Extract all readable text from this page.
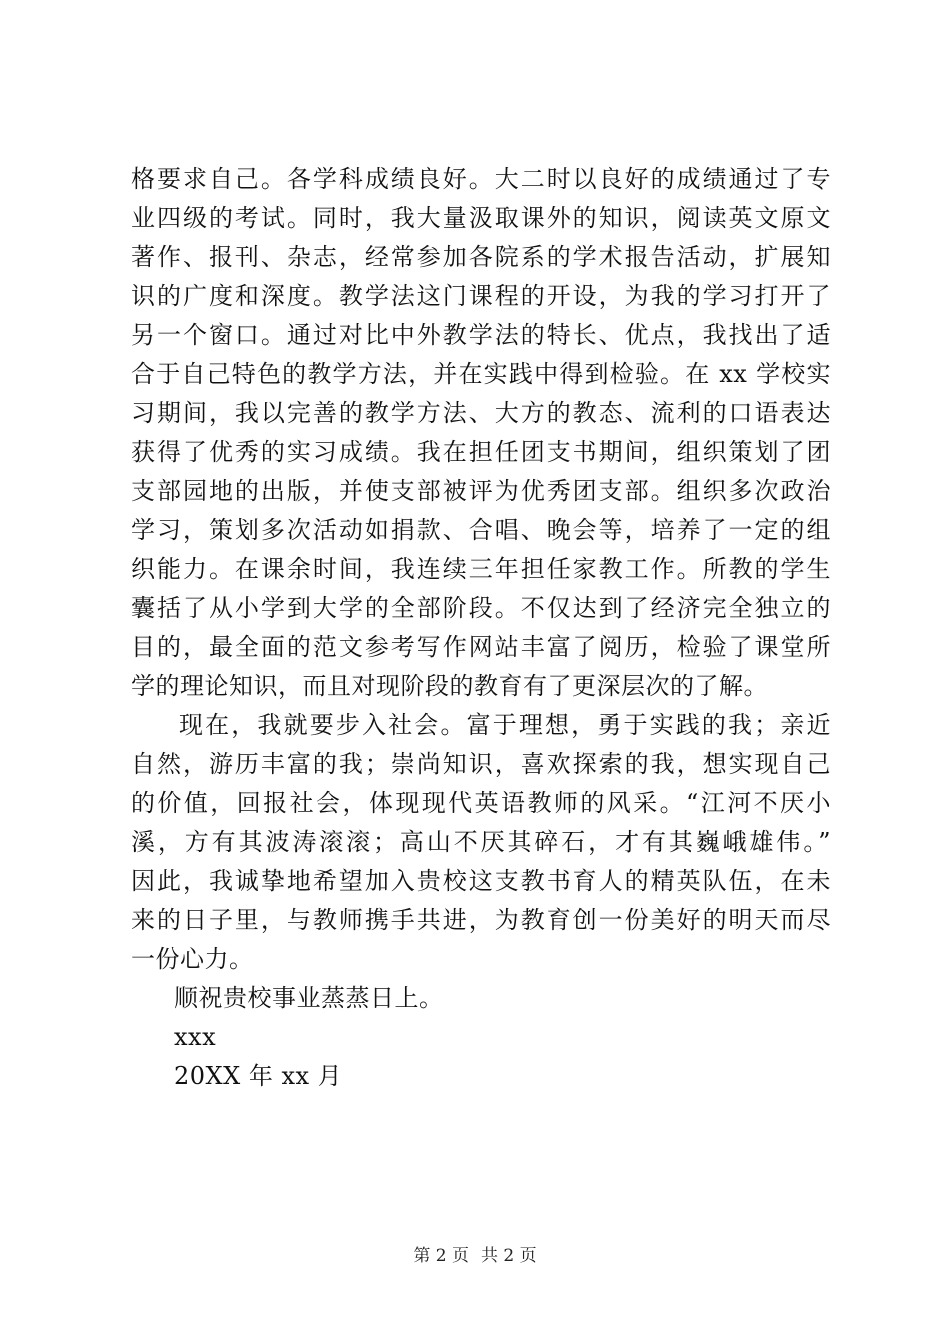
格要求自己。各学科成绩良好。大二时以良好的成绩通过了专
业四级的考试。同时，我大量汲取课外的知识，阅读英文原文
著作、报刊、杂志，经常参加各院系的学术报告活动，扩展知
识的广度和深度。教学法这门课程的开设，为我的学习打开了
另一个窗口。通过对比中外教学法的特长、优点，我找出了适
合于自己特色的教学方法，并在实践中得到检验。在 xx 学校实
习期间，我以完善的教学方法、大方的教态、流利的口语表达
获得了优秀的实习成绩。我在担任团支书期间，组织策划了团
支部园地的出版，并使支部被评为优秀团支部。组织多次政治
学习，策划多次活动如捐款、合唱、晚会等，培养了一定的组
织能力。在课余时间，我连续三年担任家教工作。所教的学生
囊括了从小学到大学的全部阶段。不仅达到了经济完全独立的
目的，最全面的范文参考写作网站丰富了阅历，检验了课堂所
学的理论知识，而且对现阶段的教育有了更深层次的了解。
现在，我就要步入社会。富于理想，勇于实践的我；亲近
自然，游历丰富的我；崇尚知识，喜欢探索的我，想实现自己
的价值，回报社会，体现现代英语教师的风采。“江河不厌小
溪，方有其波涛滚滚；高山不厌其碎石，才有其巍峨雄伟。”
因此，我诚挚地希望加入贵校这支教书育人的精英队伍，在未
来的日子里，与教师携手共进，为教育创一份美好的明天而尽
一份心力。
顺祝贵校事业蒸蒸日上。
xxx
20XX 年 xx 月
第 2 页 共 2 页
